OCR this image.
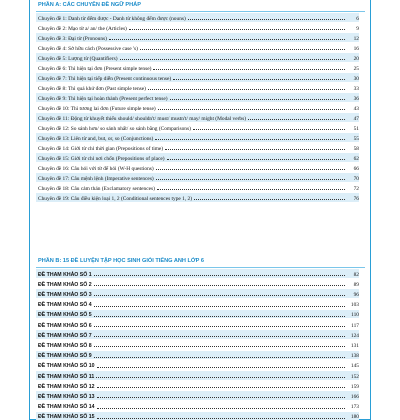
PHẦN A: CÁC CHUYÊN ĐỀ NGỮ PHÁP
Chuyên đề 1: Danh từ đếm được - Danh từ không đếm được (nouns)	6
Chuyên đề 2: Mạo từ a/ an/ the (Articles)	9
Chuyên đề 3: Đại từ (Pronouns)	12
Chuyên đề 4: Sở hữu cách (Possessive case 's)	16
Chuyên đề 5: Lượng từ (Quantifiers)	20
Chuyên đề 6: Thì hiện tại đơn (Present simple tense)	25
Chuyên đề 7: Thì hiện tại tiếp diễn (Present continuous tense)	30
Chuyên đề 8: Thì quá khứ đơn (Past simple tense)	33
Chuyên đề 9: Thì hiện tại hoàn thành (Present perfect tense)	36
Chuyên đề 10: Thì tương lai đơn (Future simple tense)	43
Chuyên đề 11: Động từ khuyết thiếu should/ shouldn't/ must/ mustn't/ may/ might (Modal verbs)	47
Chuyên đề 12: So sánh hơn/ so sánh nhất/ so sánh bằng (Comparisons)	51
Chuyên đề 13: Liên từ and, but, or, so (Conjunctions)	55
Chuyên đề 14: Giới từ chỉ thời gian (Prepositions of time)	58
Chuyên đề 15: Giới từ chỉ nơi chốn (Prepositions of place)	62
Chuyên đề 16: Câu hỏi với từ để hỏi (W-H questions)	66
Chuyên đề 17: Câu mệnh lệnh (Imperative sentences)	70
Chuyên đề 18: Câu cảm thán (Exclamatory sentences)	72
Chuyên đề 19: Câu điều kiện loại 1, 2 (Conditional sentences type 1, 2)	76
PHẦN B: 15 ĐỀ LUYỆN TẬP HỌC SINH GIỎI TIẾNG ANH LỚP 6
ĐỀ THAM KHẢO SỐ 1	82
ĐỀ THAM KHẢO SỐ 2	89
ĐỀ THAM KHẢO SỐ 3	96
ĐỀ THAM KHẢO SỐ 4	103
ĐỀ THAM KHẢO SỐ 5	110
ĐỀ THAM KHẢO SỐ 6	117
ĐỀ THAM KHẢO SỐ 7	124
ĐỀ THAM KHẢO SỐ 8	131
ĐỀ THAM KHẢO SỐ 9	138
ĐỀ THAM KHẢO SỐ 10	145
ĐỀ THAM KHẢO SỐ 11	152
ĐỀ THAM KHẢO SỐ 12	159
ĐỀ THAM KHẢO SỐ 13	166
ĐỀ THAM KHẢO SỐ 14	173
ĐỀ THAM KHẢO SỐ 15	180
